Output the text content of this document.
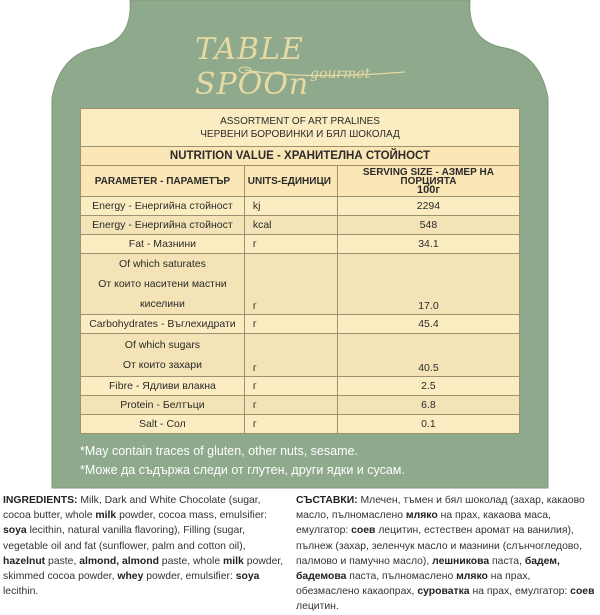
TABLE SPOOn gourmet
ASSORTMENT OF ART PRALINES
ЧЕРВЕНИ БОРОВИНКИ И БЯЛ ШОКОЛАД		

NUTRITION VALUE - ХРАНИТЕЛНА СТОЙНОСТ		
PARAMETER - ПАРАМЕТЪР	UNITS-ЕДИНИЦИ	SERVING SIZE - АЗМЕР НА ПОРЦИЯТА
100г

Energy - Енергийна стойност	kj	2294
Energy - Енергийна стойност	kcal	548
Fat - Мазнини	г	34.1

Of which saturates
От които наситени мастни киселини	г	17.0
Carbohydrates - Въглехидрати	г	45.4

Of which sugars
От които захари	г	40.5
Fibre - Ядливи влакна	г	2.5
Protein - Белтъци	г	6.8
Salt - Сол	г	0.1
*May contain traces of gluten, other nuts, sesame.
*Може да съдържа следи от глутен, други ядки и сусам.
INGREDIENTS: Milk, Dark and White Chocolate (sugar, cocoa butter, whole milk powder, cocoa mass, emulsifier: soya lecithin, natural vanilla flavoring), Filling (sugar, vegetable oil and fat (sunflower, palm and cotton oil), hazelnut paste, almond, almond paste, whole milk powder, skimmed cocoa powder, whey powder, emulsifier: soya lecithin.
СЪСТАВКИ: Млечен, тъмен и бял шоколад (захар, какаово масло, пълномаслено мляко на прах, какаова маса, емулгатор: соев лецитин, естествен аромат на ванилия), пълнеж (захар, зеленчук масло и мазнини (слънчогледово, палмово и памучно масло), лешникова паста, бадем, бадемова паста, пълномаслено мляко на прах, обезмаслено какаопрах, суроватка на прах, емулгатор: соев лецитин.
